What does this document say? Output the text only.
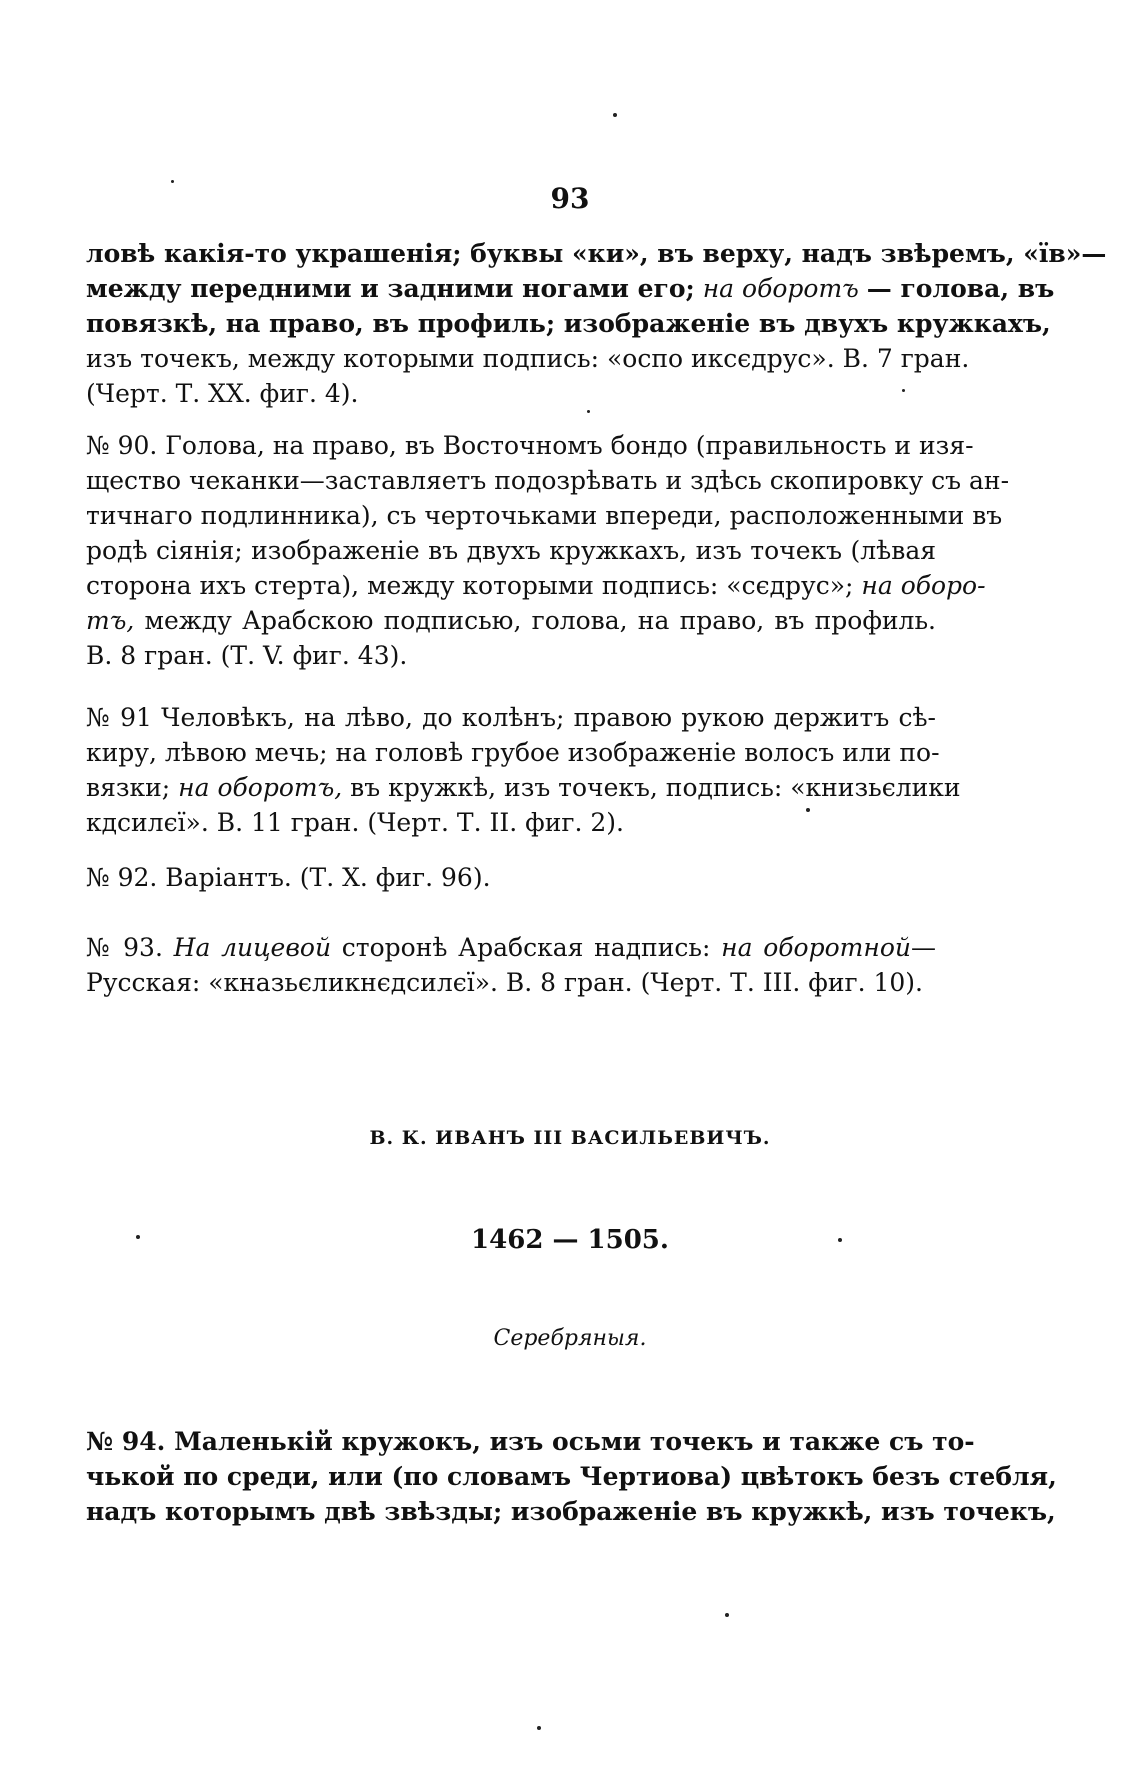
93
ловѣ какія-то украшенія; буквы «ки», въ верху, надъ звѣремъ, «їв»—
между передними и задними ногами его; на оборотъ — голова, въ
повязкѣ, на право, въ профиль; изображеніе въ двухъ кружкахъ,
изъ точекъ, между которыми подпись: «оспо иксєдрус». В. 7 гран.
(Черт. Т. XX. фиг. 4).
№ 90. Голова, на право, въ Восточномъ бондо (правильность и изя-
щество чеканки—заставляетъ подозрѣвать и здѣсь скопировку съ ан-
тичнаго подлинника), съ черточьками впереди, расположенными въ
родѣ сіянія; изображеніе въ двухъ кружкахъ, изъ точекъ (лѣвая
сторона ихъ стерта), между которыми подпись: «сєдрус»; на оборо-
тъ, между Арабскою подписью, голова, на право, въ профиль.
В. 8 гран. (Т. V. фиг. 43).
№ 91 Человѣкъ, на лѣво, до колѣнъ; правою рукою держитъ сѣ-
киру, лѣвою мечь; на головѣ грубое изображеніе волосъ или по-
вязки; на оборотъ, въ кружкѣ, изъ точекъ, подпись: «книзьєлики
кдсилєї». В. 11 гран. (Черт. Т. II. фиг. 2).
№ 92. Варіантъ. (Т. X. фиг. 96).
№ 93. На лицевой сторонѣ Арабская надпись: на оборотной—
Русская: «кназьєликнєдсилєї». В. 8 гран. (Черт. Т. III. фиг. 10).
В. К. ИВАНЪ III ВАСИЛЬЕВИЧЪ.
1462 — 1505.
Серебряныя.
№ 94. Маленькій кружокъ, изъ осьми точекъ и также съ то-
чькой по среди, или (по словамъ Чертиова) цвѣтокъ безъ стебля,
надъ которымъ двѣ звѣзды; изображеніе въ кружкѣ, изъ точекъ,
